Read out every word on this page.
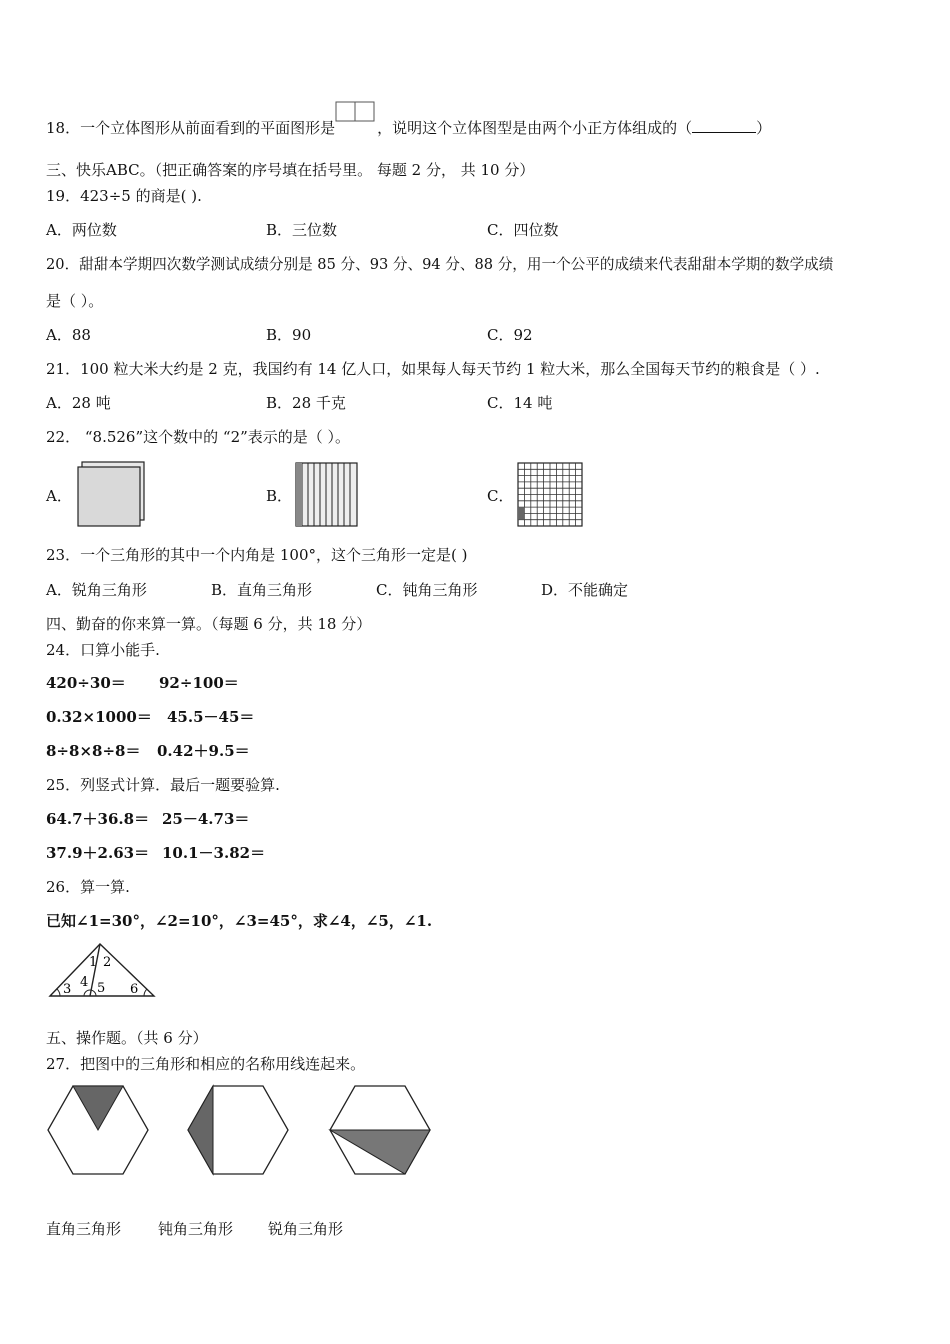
18．一个立体图形从前面看到的平面图形是	，说明这个立体图型是由两个小正方体组成的（	）
三、快乐ABC。（把正确答案的序号填在括号里。 每题 2 分， 共 10 分）
19．423÷5 的商是( ).
A．两位数	B．三位数	C．四位数
20．甜甜本学期四次数学测试成绩分别是 85 分、93 分、94 分、88 分，用一个公平的成绩来代表甜甜本学期的数学成绩
是（ ）。
A．88	B．90	C．92
21．100 粒大米大约是 2 克，我国约有 14 亿人口，如果每人每天节约 1 粒大米，那么全国每天节约的粮食是（ ）.
A．28 吨	B．28 千克	C．14 吨
22． “8.526”这个数中的 “2”表示的是（ ）。
A．	B．	C．
23．一个三角形的其中一个内角是 100°，这个三角形一定是( )
A．锐角三角形	B．直角三角形	C．钝角三角形	D．不能确定
四、勤奋的你来算一算。（每题 6 分，共 18 分）
24．口算小能手.
420÷30＝ 92÷100＝
0.32×1000＝ 45.5－45＝
8÷8×8÷8＝ 0.42＋9.5＝
25．列竖式计算．最后一题要验算.
64.7＋36.8＝ 25－4.73＝
37.9＋2.63＝ 10.1－3.82＝
26．算一算.
已知∠1=30°，∠2=10°，∠3=45°，求∠4，∠5，∠1.
1 2
3 4 5 6
五、操作题。（共 6 分）
27．把图中的三角形和相应的名称用线连起来。
直角三角形 钝角三角形 锐角三角形
